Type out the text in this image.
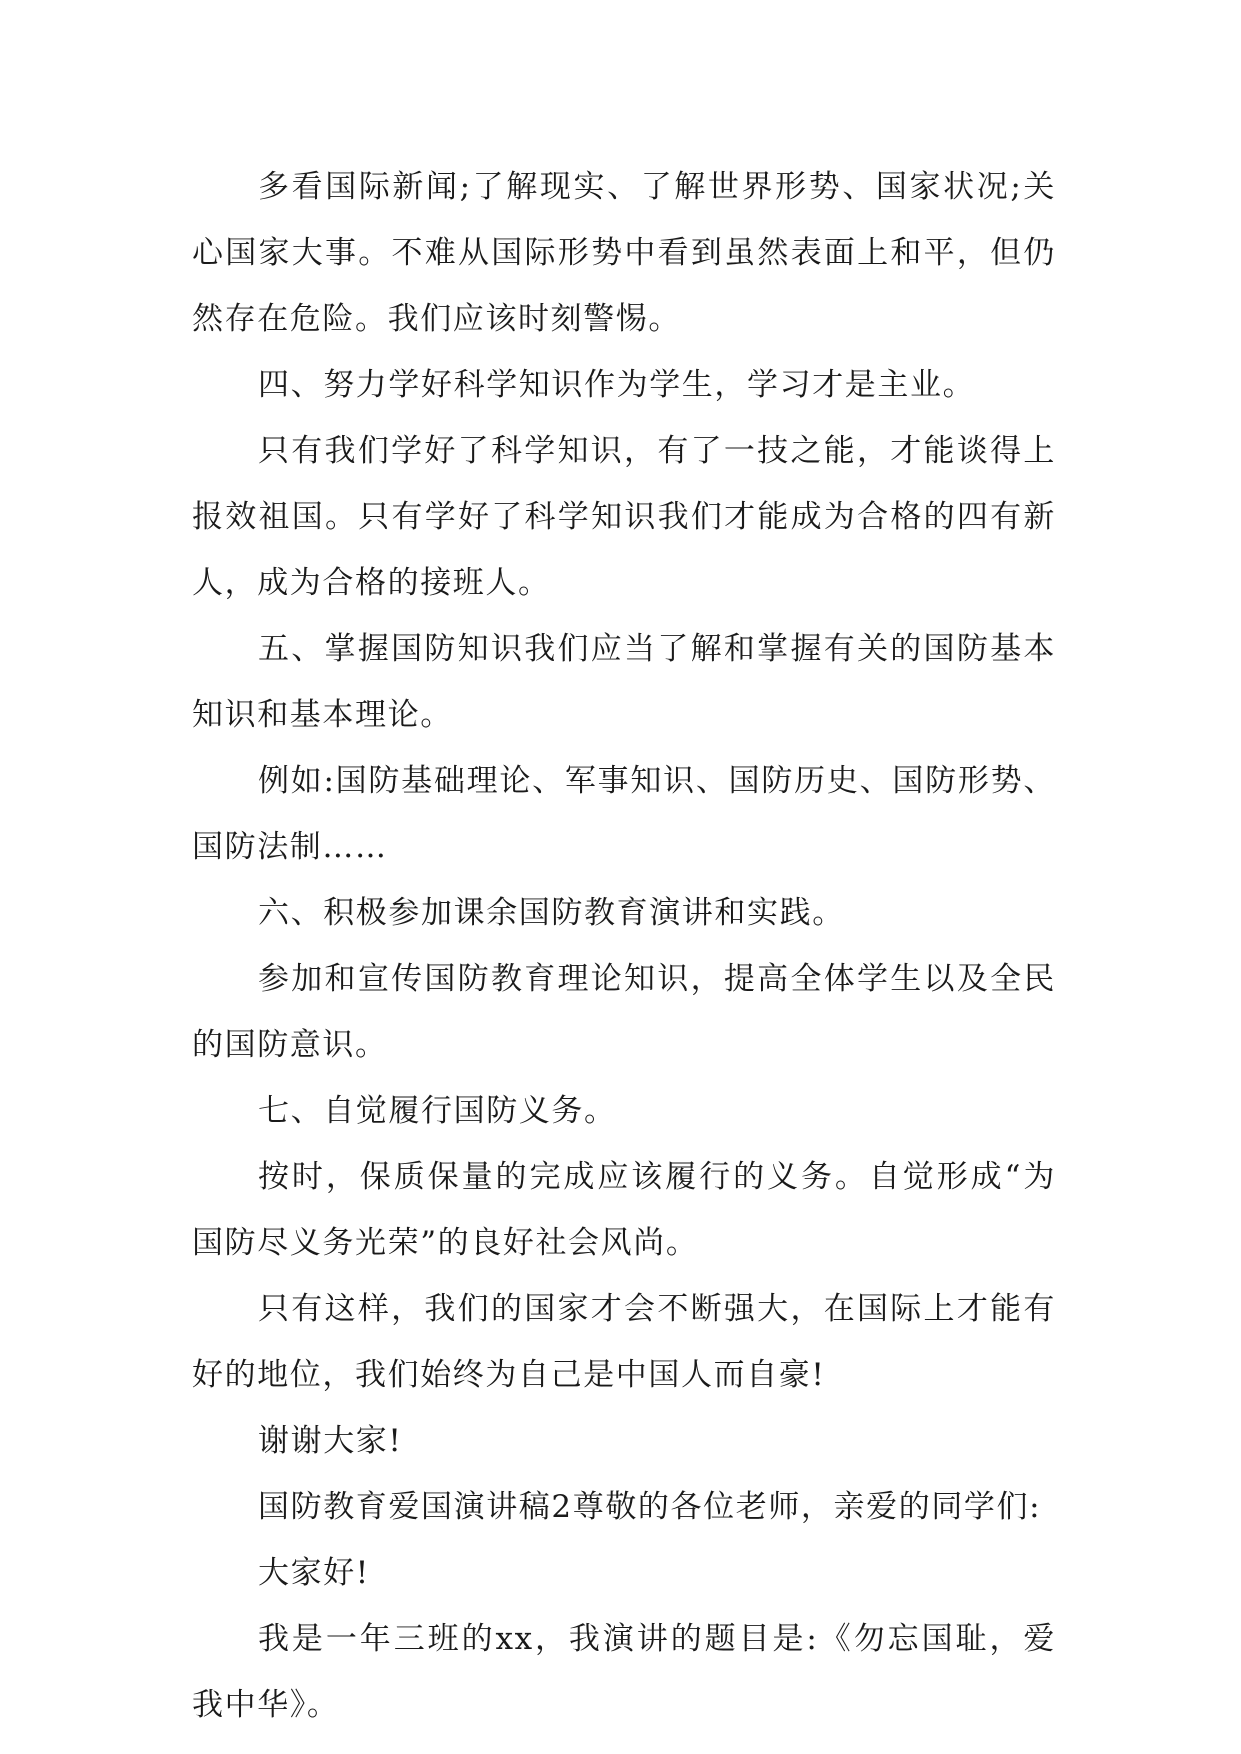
多看国际新闻;了解现实、了解世界形势、国家状况;关心国家大事。不难从国际形势中看到虽然表面上和平，但仍然存在危险。我们应该时刻警惕。

四、努力学好科学知识作为学生，学习才是主业。

只有我们学好了科学知识，有了一技之能，才能谈得上报效祖国。只有学好了科学知识我们才能成为合格的四有新人，成为合格的接班人。

五、掌握国防知识我们应当了解和掌握有关的国防基本知识和基本理论。

例如:国防基础理论、军事知识、国防历史、国防形势、国防法制……

六、积极参加课余国防教育演讲和实践。

参加和宣传国防教育理论知识，提高全体学生以及全民的国防意识。

七、自觉履行国防义务。

按时，保质保量的完成应该履行的义务。自觉形成“为国防尽义务光荣”的良好社会风尚。

只有这样，我们的国家才会不断强大，在国际上才能有好的地位，我们始终为自己是中国人而自豪!

谢谢大家!

国防教育爱国演讲稿2尊敬的各位老师，亲爱的同学们:

大家好!

我是一年三班的xx，我演讲的题目是:《勿忘国耻，爱我中华》。
